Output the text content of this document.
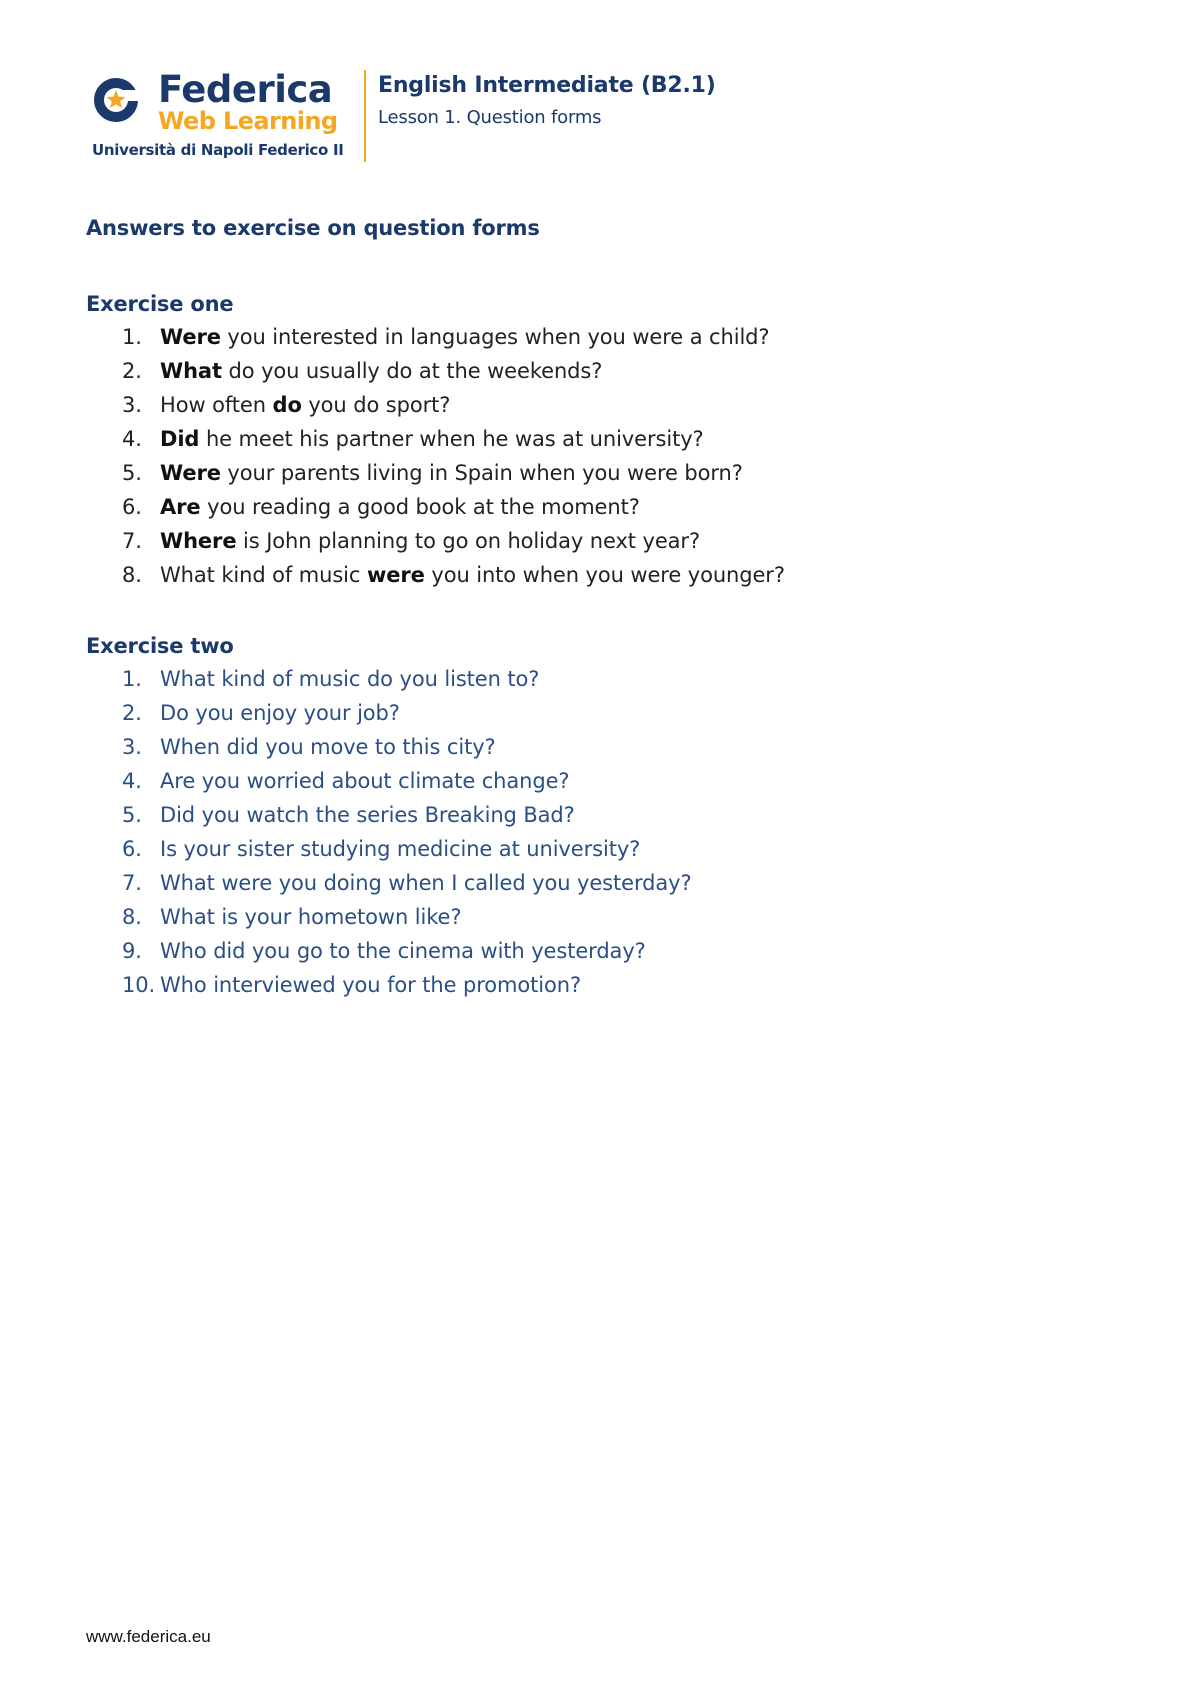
Federica
Web Learning
Università di Napoli Federico II
English Intermediate (B2.1)
Lesson 1. Question forms
Answers to exercise on question forms
Exercise one
1. Were you interested in languages when you were a child?
2. What do you usually do at the weekends?
3. How often do you do sport?
4. Did he meet his partner when he was at university?
5. Were your parents living in Spain when you were born?
6. Are you reading a good book at the moment?
7. Where is John planning to go on holiday next year?
8. What kind of music were you into when you were younger?
Exercise two
1. What kind of music do you listen to?
2. Do you enjoy your job?
3. When did you move to this city?
4. Are you worried about climate change?
5. Did you watch the series Breaking Bad?
6. Is your sister studying medicine at university?
7. What were you doing when I called you yesterday?
8. What is your hometown like?
9. Who did you go to the cinema with yesterday?
10. Who interviewed you for the promotion?
www.federica.eu
